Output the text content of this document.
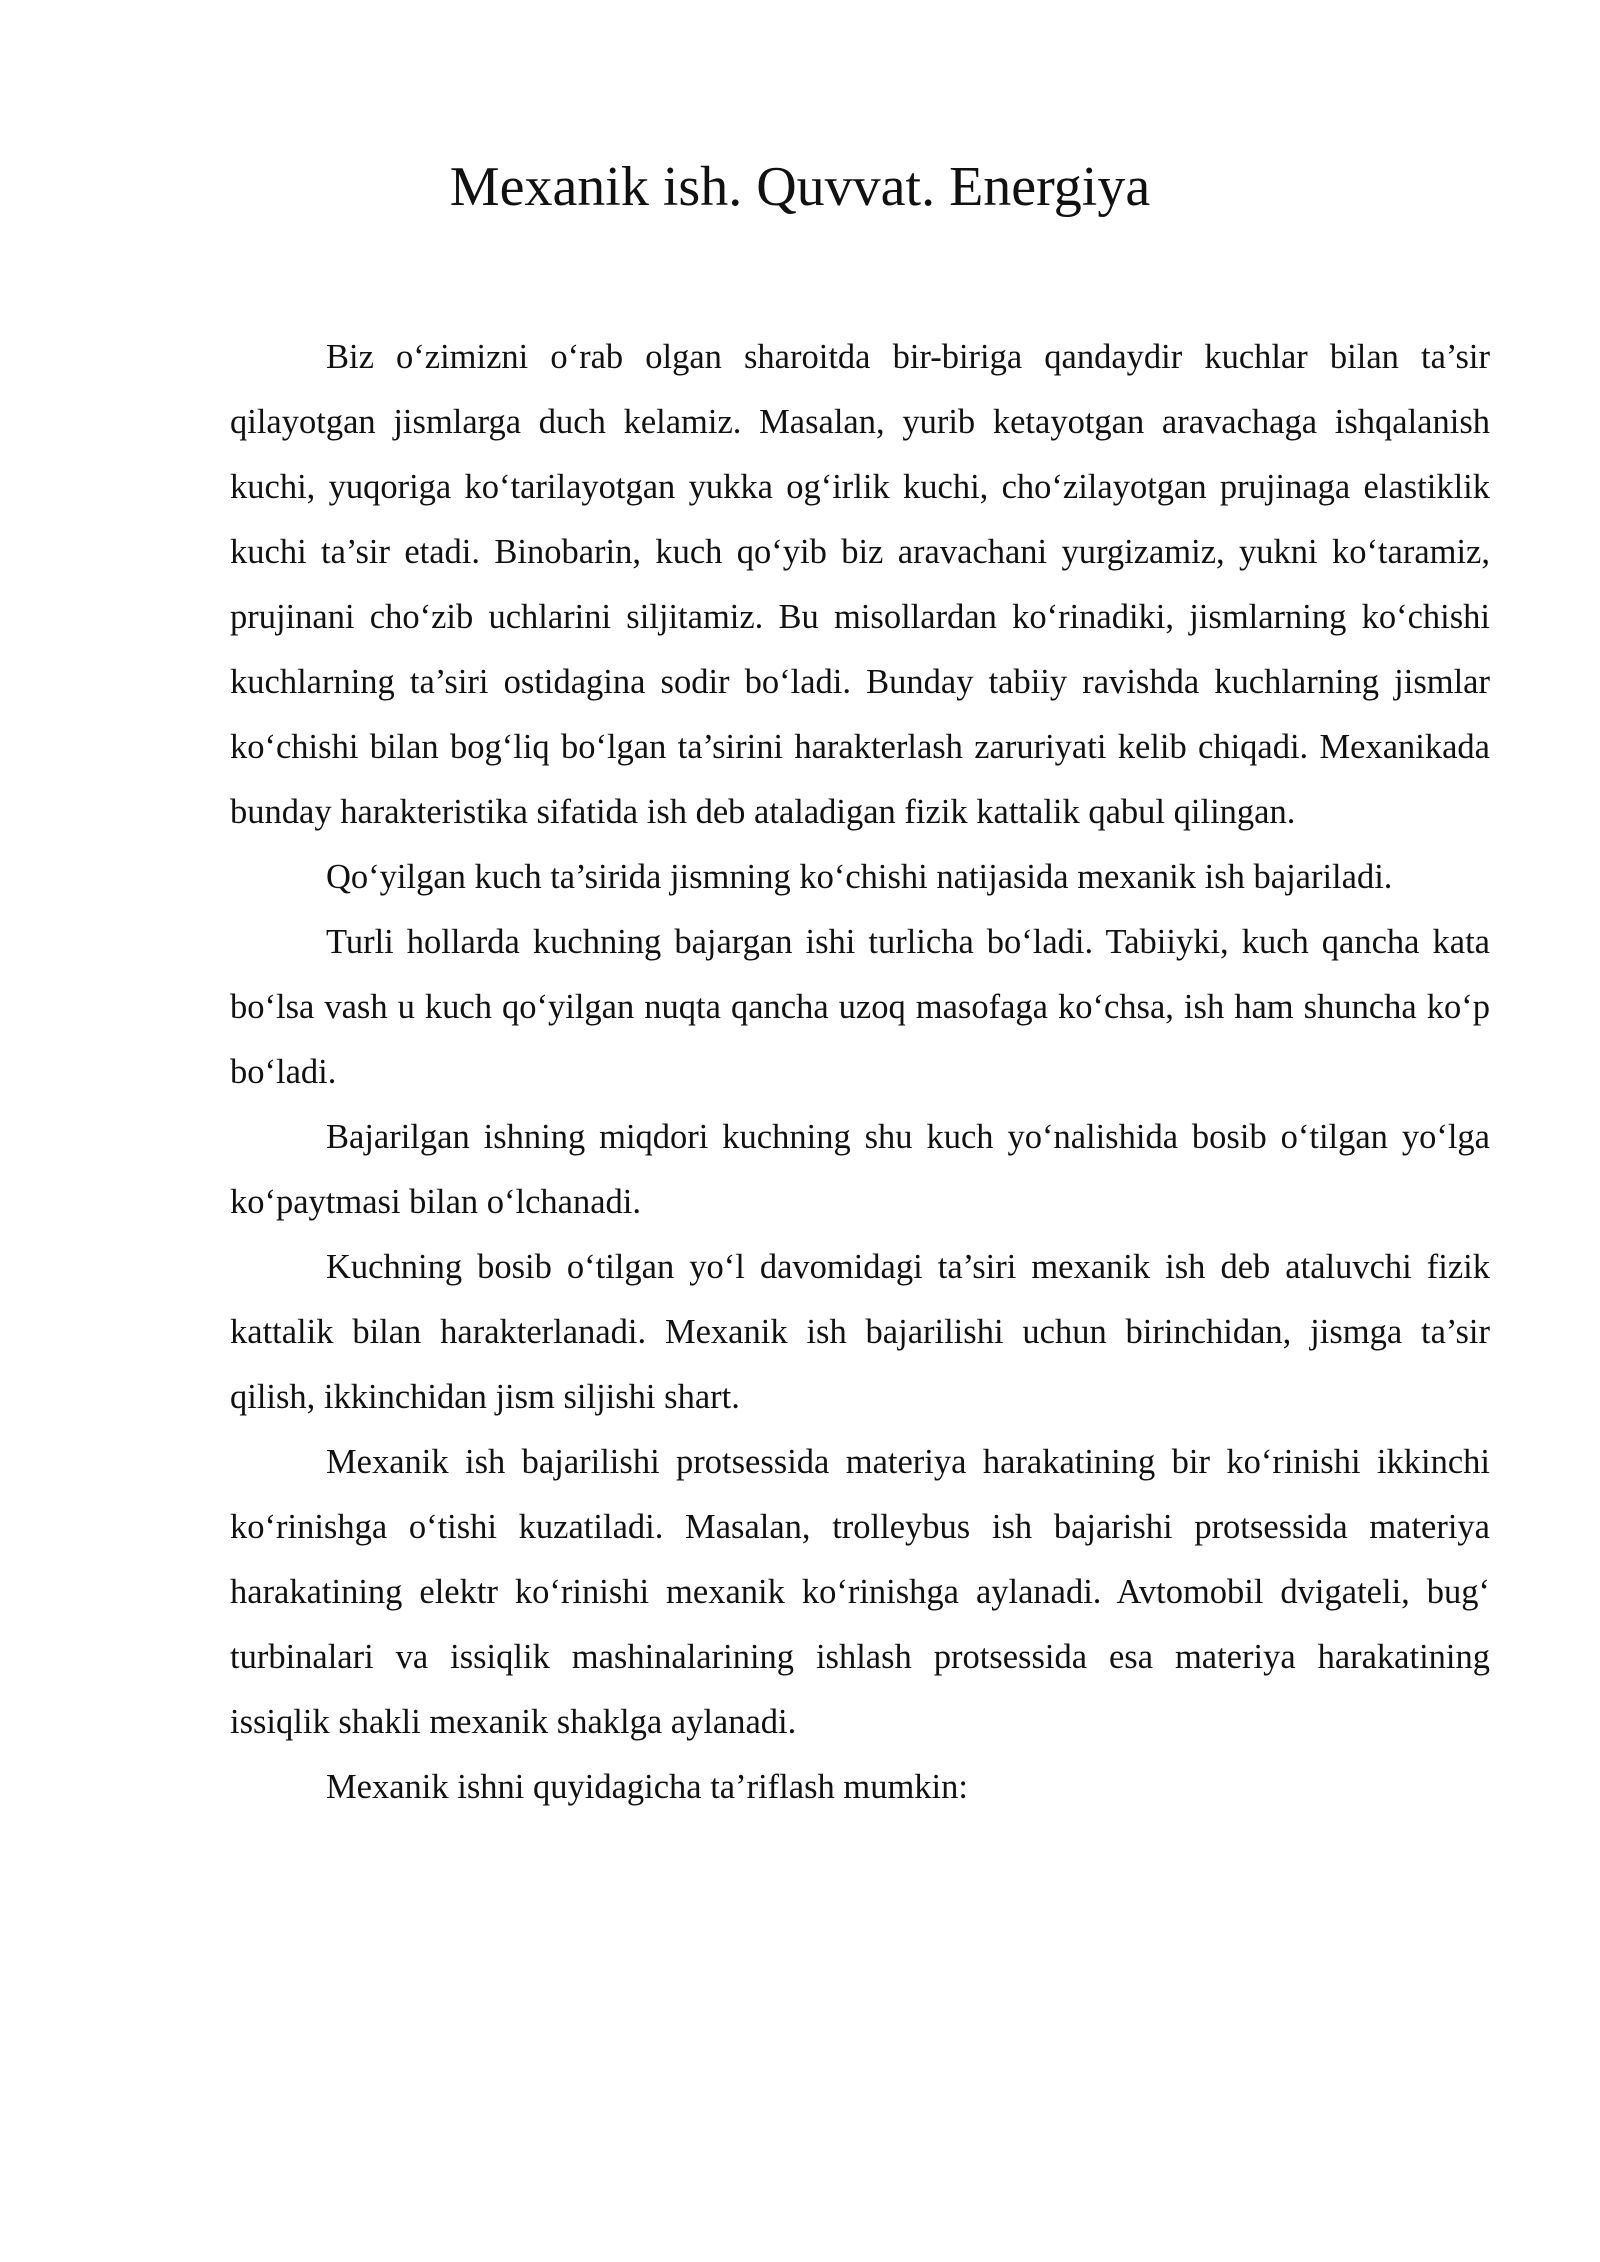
Mexanik ish. Quvvat. Energiya

Biz o‘zimizni o‘rab olgan sharoitda bir-biriga qandaydir kuchlar bilan ta’sir qilayotgan jismlarga duch kelamiz. Masalan, yurib ketayotgan aravachaga ishqalanish kuchi, yuqoriga ko‘tarilayotgan yukka og‘irlik kuchi, cho‘zilayotgan prujinaga elastiklik kuchi ta’sir etadi. Binobarin, kuch qo‘yib biz aravachani yurgizamiz, yukni ko‘taramiz, prujinani cho‘zib uchlarini siljitamiz. Bu misollardan ko‘rinadiki, jismlarning ko‘chishi kuchlarning ta’siri ostidagina sodir bo‘ladi. Bunday tabiiy ravishda kuchlarning jismlar ko‘chishi bilan bog‘liq bo‘lgan ta’sirini harakterlash zaruriyati kelib chiqadi. Mexanikada bunday harakteristika sifatida ish deb ataladigan fizik kattalik qabul qilingan.

Qo‘yilgan kuch ta’sirida jismning ko‘chishi natijasida mexanik ish bajariladi.

Turli hollarda kuchning bajargan ishi turlicha bo‘ladi. Tabiiyki, kuch qancha kata bo‘lsa vash u kuch qo‘yilgan nuqta qancha uzoq masofaga ko‘chsa, ish ham shuncha ko‘p bo‘ladi.

Bajarilgan ishning miqdori kuchning shu kuch yo‘nalishida bosib o‘tilgan yo‘lga ko‘paytmasi bilan o‘lchanadi.

Kuchning bosib o‘tilgan yo‘l davomidagi ta’siri mexanik ish deb ataluvchi fizik kattalik bilan harakterlanadi. Mexanik ish bajarilishi uchun birinchidan, jismga ta’sir qilish, ikkinchidan jism siljishi shart.

Mexanik ish bajarilishi protsessida materiya harakatining bir ko‘rinishi ikkinchi ko‘rinishga o‘tishi kuzatiladi. Masalan, trolleybus ish bajarishi protsessida materiya harakatining elektr ko‘rinishi mexanik ko‘rinishga aylanadi. Avtomobil dvigateli, bug‘ turbinalari va issiqlik mashinalarining ishlash protsessida esa materiya harakatining issiqlik shakli mexanik shaklga aylanadi.

Mexanik ishni quyidagicha ta’riflash mumkin:
